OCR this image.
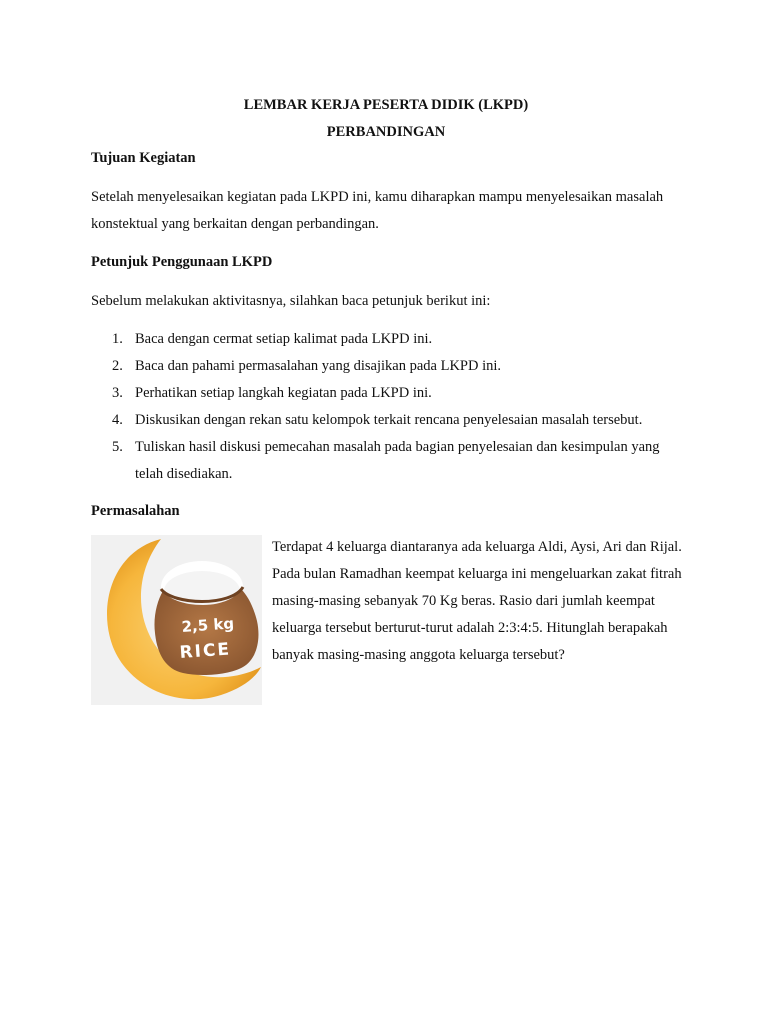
LEMBAR KERJA PESERTA DIDIK (LKPD)

PERBANDINGAN

Tujuan Kegiatan

Setelah menyelesaikan kegiatan pada LKPD ini, kamu diharapkan mampu menyelesaikan masalah konstektual yang berkaitan dengan perbandingan.

Petunjuk Penggunaan LKPD

Sebelum melakukan aktivitasnya, silahkan baca petunjuk berikut ini:

1. Baca dengan cermat setiap kalimat pada LKPD ini.
2. Baca dan pahami permasalahan yang disajikan pada LKPD ini.
3. Perhatikan setiap langkah kegiatan pada LKPD ini.
4. Diskusikan dengan rekan satu kelompok terkait rencana penyelesaian masalah tersebut.
5. Tuliskan hasil diskusi pemecahan masalah pada bagian penyelesaian dan kesimpulan yang telah disediakan.

Permasalahan

2,5 kg
RICE

Terdapat 4 keluarga diantaranya ada keluarga Aldi, Aysi, Ari dan Rijal. Pada bulan Ramadhan keempat keluarga ini mengeluarkan zakat fitrah masing-masing sebanyak 70 Kg beras. Rasio dari jumlah keempat keluarga tersebut berturut-turut adalah 2:3:4:5. Hitunglah berapakah banyak masing-masing anggota keluarga tersebut?
